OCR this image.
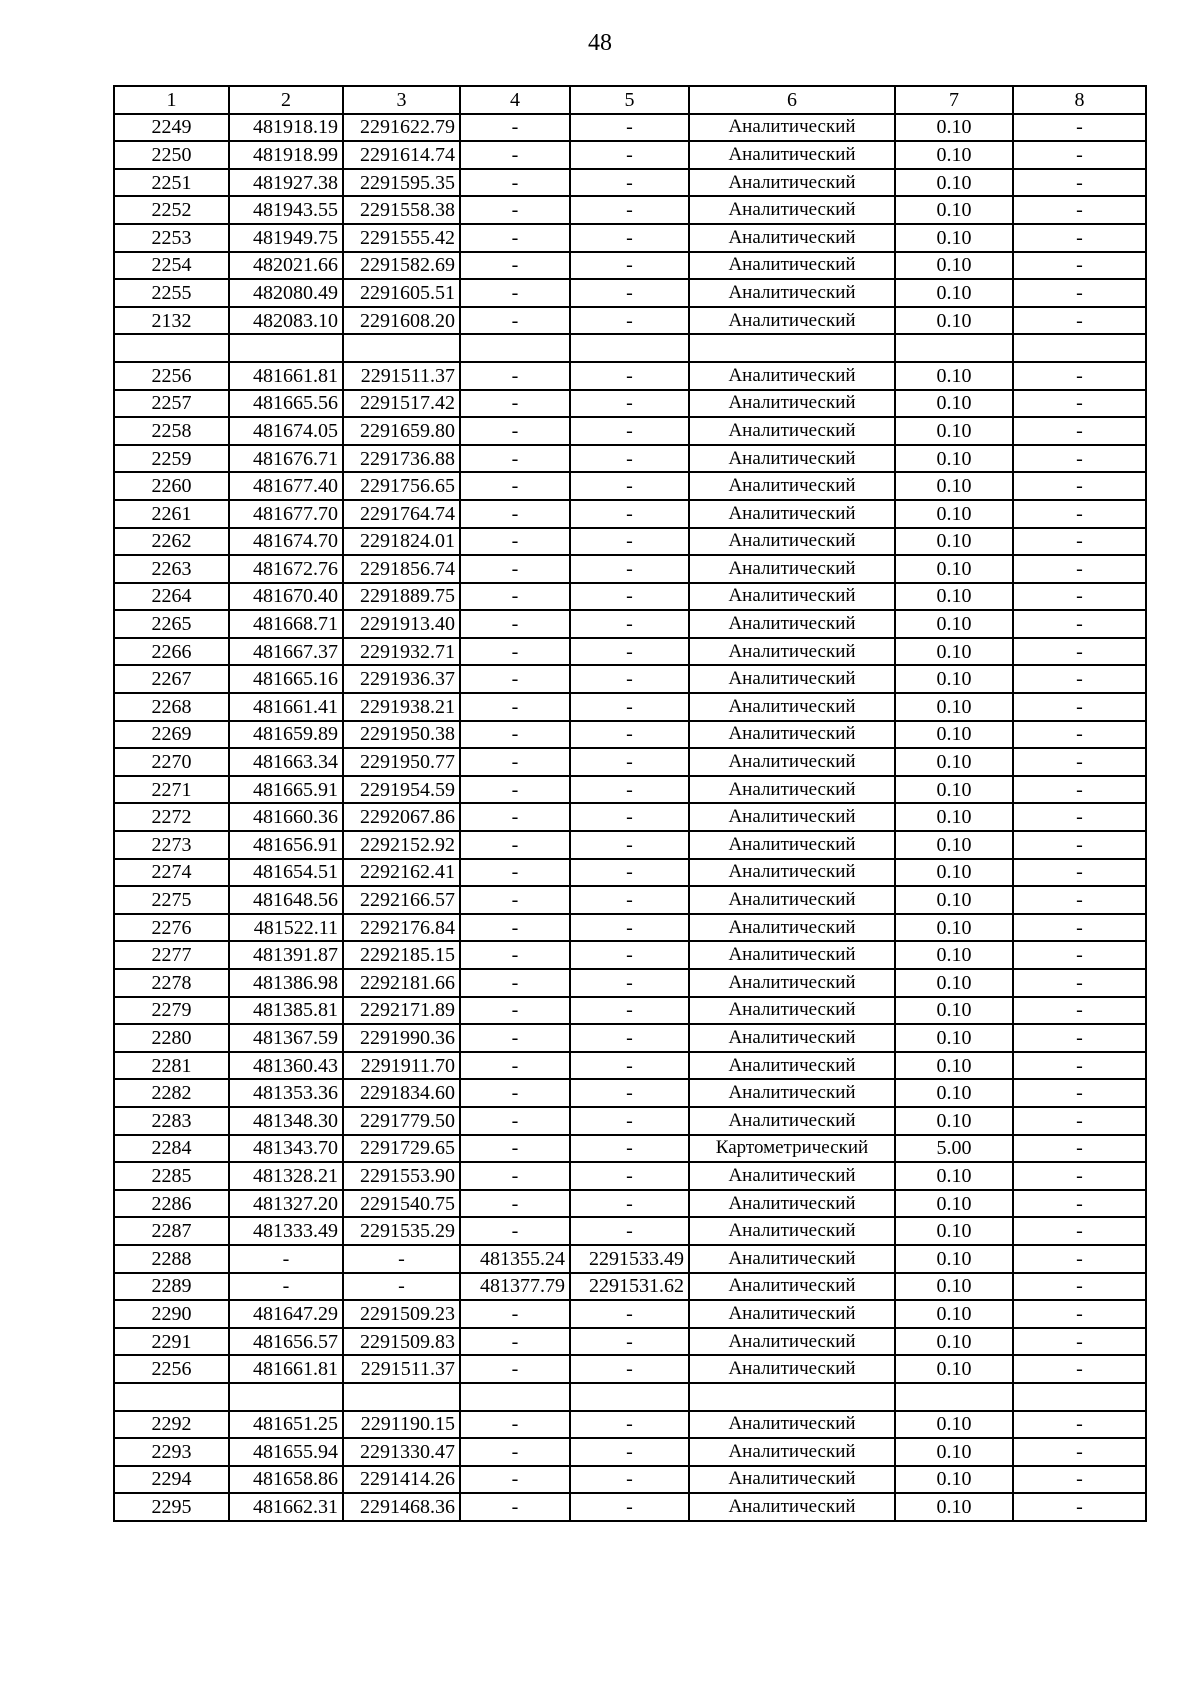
48
1	2	3	4	5	6	7	8
2249	481918.19	2291622.79	-	-	Аналитический	0.10	-
2250	481918.99	2291614.74	-	-	Аналитический	0.10	-
2251	481927.38	2291595.35	-	-	Аналитический	0.10	-
2252	481943.55	2291558.38	-	-	Аналитический	0.10	-
2253	481949.75	2291555.42	-	-	Аналитический	0.10	-
2254	482021.66	2291582.69	-	-	Аналитический	0.10	-
2255	482080.49	2291605.51	-	-	Аналитический	0.10	-
2132	482083.10	2291608.20	-	-	Аналитический	0.10	-

2256	481661.81	2291511.37	-	-	Аналитический	0.10	-
2257	481665.56	2291517.42	-	-	Аналитический	0.10	-
2258	481674.05	2291659.80	-	-	Аналитический	0.10	-
2259	481676.71	2291736.88	-	-	Аналитический	0.10	-
2260	481677.40	2291756.65	-	-	Аналитический	0.10	-
2261	481677.70	2291764.74	-	-	Аналитический	0.10	-
2262	481674.70	2291824.01	-	-	Аналитический	0.10	-
2263	481672.76	2291856.74	-	-	Аналитический	0.10	-
2264	481670.40	2291889.75	-	-	Аналитический	0.10	-
2265	481668.71	2291913.40	-	-	Аналитический	0.10	-
2266	481667.37	2291932.71	-	-	Аналитический	0.10	-
2267	481665.16	2291936.37	-	-	Аналитический	0.10	-
2268	481661.41	2291938.21	-	-	Аналитический	0.10	-
2269	481659.89	2291950.38	-	-	Аналитический	0.10	-
2270	481663.34	2291950.77	-	-	Аналитический	0.10	-
2271	481665.91	2291954.59	-	-	Аналитический	0.10	-
2272	481660.36	2292067.86	-	-	Аналитический	0.10	-
2273	481656.91	2292152.92	-	-	Аналитический	0.10	-
2274	481654.51	2292162.41	-	-	Аналитический	0.10	-
2275	481648.56	2292166.57	-	-	Аналитический	0.10	-
2276	481522.11	2292176.84	-	-	Аналитический	0.10	-
2277	481391.87	2292185.15	-	-	Аналитический	0.10	-
2278	481386.98	2292181.66	-	-	Аналитический	0.10	-
2279	481385.81	2292171.89	-	-	Аналитический	0.10	-
2280	481367.59	2291990.36	-	-	Аналитический	0.10	-
2281	481360.43	2291911.70	-	-	Аналитический	0.10	-
2282	481353.36	2291834.60	-	-	Аналитический	0.10	-
2283	481348.30	2291779.50	-	-	Аналитический	0.10	-
2284	481343.70	2291729.65	-	-	Картометрический	5.00	-
2285	481328.21	2291553.90	-	-	Аналитический	0.10	-
2286	481327.20	2291540.75	-	-	Аналитический	0.10	-
2287	481333.49	2291535.29	-	-	Аналитический	0.10	-
2288	-	-	481355.24	2291533.49	Аналитический	0.10	-
2289	-	-	481377.79	2291531.62	Аналитический	0.10	-
2290	481647.29	2291509.23	-	-	Аналитический	0.10	-
2291	481656.57	2291509.83	-	-	Аналитический	0.10	-
2256	481661.81	2291511.37	-	-	Аналитический	0.10	-

2292	481651.25	2291190.15	-	-	Аналитический	0.10	-
2293	481655.94	2291330.47	-	-	Аналитический	0.10	-
2294	481658.86	2291414.26	-	-	Аналитический	0.10	-
2295	481662.31	2291468.36	-	-	Аналитический	0.10	-
